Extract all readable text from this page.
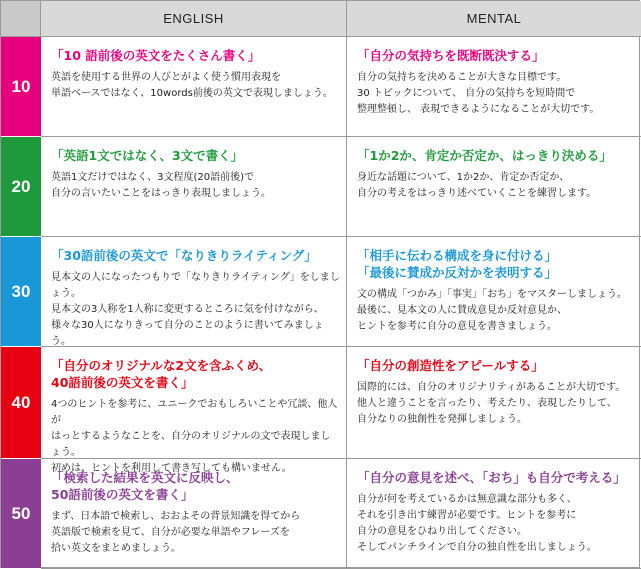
ENGLISH	MENTAL
10

「10 語前後の英文をたくさん書く」

英語を使用する世界の人びとがよく使う慣用表現を
単語ベースではなく、10words前後の英文で表現しましょう。

「自分の気持ちを既断既決する」

自分の気持ちを決めることが大きな目標です。
30 トピックについて、 自分の気持ちを短時間で
整理整頓し、 表現できるようになることが大切です。

20

「英語1文ではなく、3文で書く」

英語1文だけではなく、3文程度(20語前後)で
自分の言いたいことをはっきり表現しましょう。

「1か2か、肯定か否定か、はっきり決める」

身近な話題について、1か2か、肯定か否定か、
自分の考えをはっきり述べていくことを練習します。

30

「30語前後の英文で「なりきりライティング」

見本文の人になったつもりで「なりきりライティング」をしましょう。
見本文の3人称を1人称に変更するところに気を付けながら、
様々な30人になりきって自分のことのように書いてみましょう。

「相手に伝わる構成を身に付ける」
「最後に賛成か反対かを表明する」

文の構成「つかみ」「事実」「おち」をマスターしましょう。
最後に、見本文の人に賛成意見か反対意見か、
ヒントを参考に自分の意見を書きましょう。

40

「自分のオリジナルな2文を含ふくめ、
40語前後の英文を書く」

4つのヒントを参考に、ユニークでおもしろいことや冗談、他人が
はっとするようなことを、自分のオリジナルの文で表現しましょう。
初めは、ヒントを利用して書き写しても構いません。

「自分の創造性をアピールする」

国際的には、自分のオリジナリティがあることが大切です。
他人と違うことを言ったり、考えたり、表現したりして、
自分なりの独創性を発揮しましょう。

50

「検索した結果を英文に反映し、
50語前後の英文を書く」

まず、日本語で検索し、おおよその背景知識を得てから
英語版で検索を見て、自分が必要な単語やフレーズを
拾い英文をまとめましょう。

「自分の意見を述べ、「おち」も自分で考える」

自分が何を考えているかは無意識な部分も多く、
それを引き出す練習が必要です。ヒントを参考に
自分の意見をひねり出してください。
そしてパンチラインで自分の独自性を出しましょう。
